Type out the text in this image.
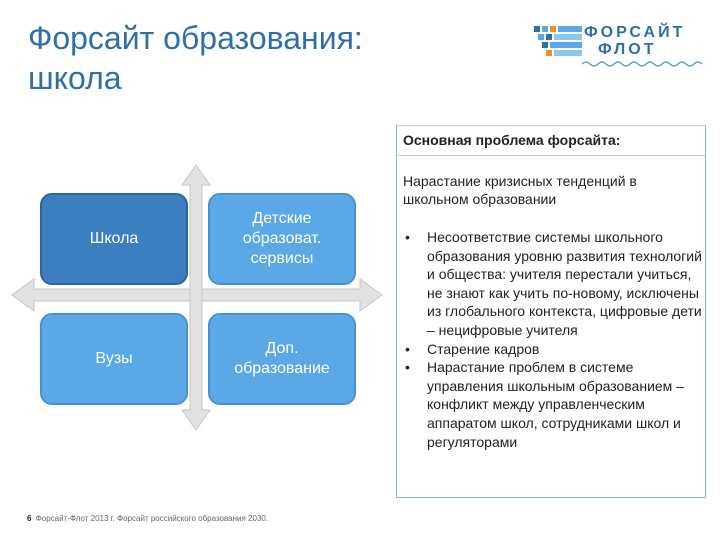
Форсайт образования:
школа
ФОРСАЙТ
ФЛОТ
Школа
Детские
образоват.
сервисы
Вузы
Доп.
образование
Основная проблема форсайта:
Нарастание кризисных тенденций в школьном образовании
• Несоответствие системы школьного образования уровню развития технологий и общества: учителя перестали учиться, не знают как учить по-новому, исключены из глобального контекста, цифровые дети – нецифровые учителя
• Старение кадров
• Нарастание проблем в системе управления школьным образованием – конфликт между управленческим аппаратом школ, сотрудниками школ и регуляторами
6 Форсайт-Флот 2013 г. Форсайт российского образования 2030.
